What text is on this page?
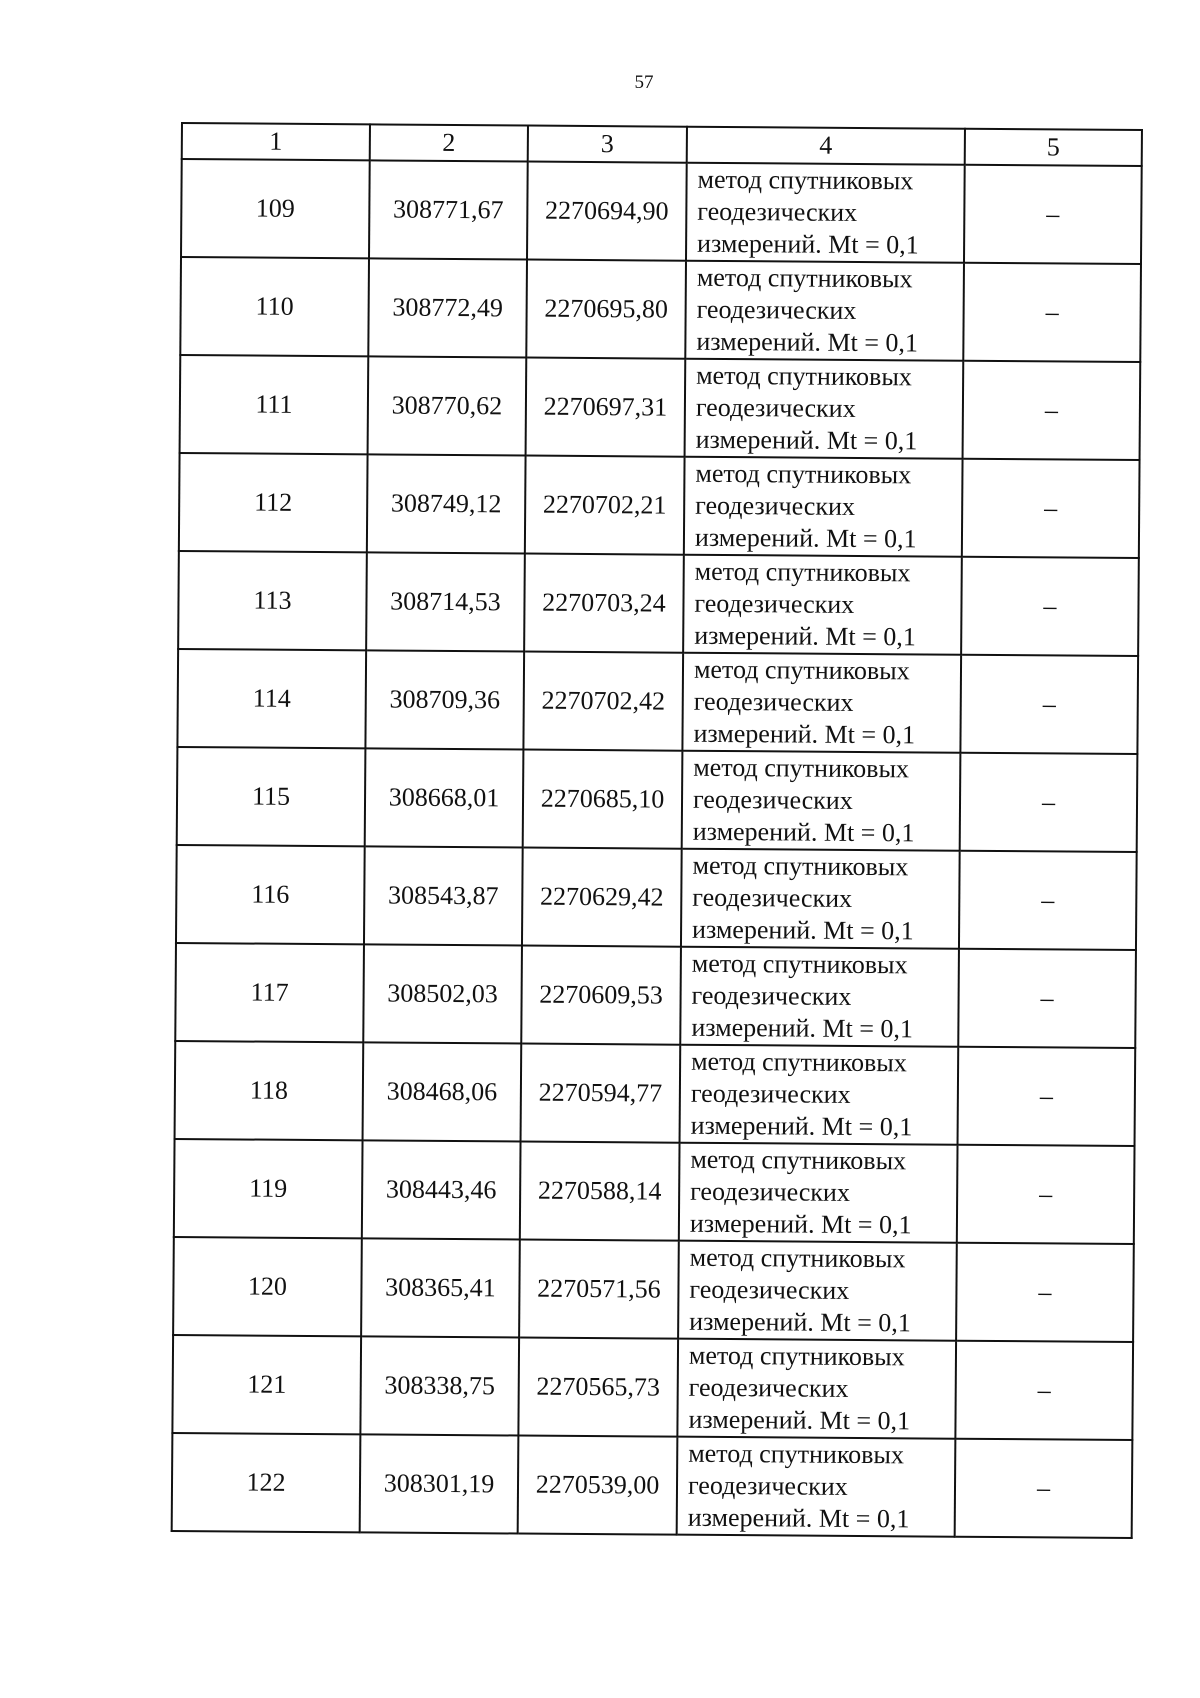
57
1	2	3	4	5
109	308771,67	2270694,90	метод спутниковых
геодезических
измерений. Mt = 0,1	–
110	308772,49	2270695,80	метод спутниковых
геодезических
измерений. Mt = 0,1	–
111	308770,62	2270697,31	метод спутниковых
геодезических
измерений. Mt = 0,1	–
112	308749,12	2270702,21	метод спутниковых
геодезических
измерений. Mt = 0,1	–
113	308714,53	2270703,24	метод спутниковых
геодезических
измерений. Mt = 0,1	–
114	308709,36	2270702,42	метод спутниковых
геодезических
измерений. Mt = 0,1	–
115	308668,01	2270685,10	метод спутниковых
геодезических
измерений. Mt = 0,1	–
116	308543,87	2270629,42	метод спутниковых
геодезических
измерений. Mt = 0,1	–
117	308502,03	2270609,53	метод спутниковых
геодезических
измерений. Mt = 0,1	–
118	308468,06	2270594,77	метод спутниковых
геодезических
измерений. Mt = 0,1	–
119	308443,46	2270588,14	метод спутниковых
геодезических
измерений. Mt = 0,1	–
120	308365,41	2270571,56	метод спутниковых
геодезических
измерений. Mt = 0,1	–
121	308338,75	2270565,73	метод спутниковых
геодезических
измерений. Mt = 0,1	–
122	308301,19	2270539,00	метод спутниковых
геодезических
измерений. Mt = 0,1	–
